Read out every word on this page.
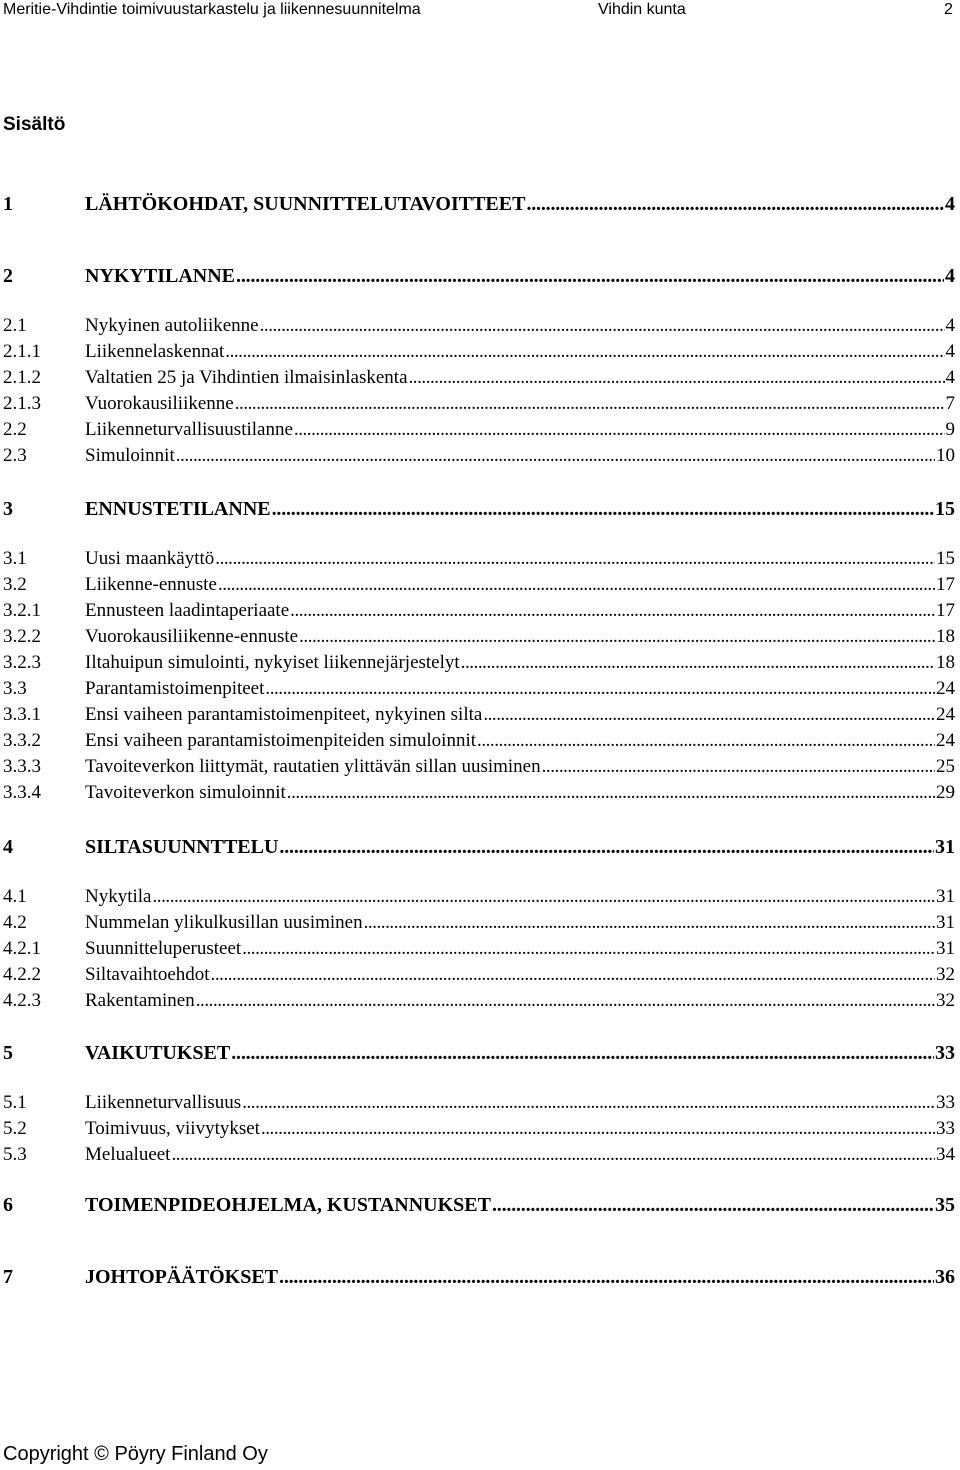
Meritie-Vihdintie toimivuustarkastelu ja liikennesuunnitelma	Vihdin kunta	2
Sisältö
1	LÄHTÖKOHDAT, SUUNNITTELUTAVOITTEET . . .	4
2	NYKYTILANNE . . .	4
2.1	Nykyinen autoliikenne . . .	4
2.1.1	Liikennelaskennat . . .	4
2.1.2	Valtatien 25 ja Vihdintien ilmaisinlaskenta . . .	4
2.1.3	Vuorokausiliikenne . . .	7
2.2	Liikenneturvallisuustilanne . . .	9
2.3	Simuloinnit . . .	10
3	ENNUSTETILANNE . . .	15
3.1	Uusi maankäyttö . . .	15
3.2	Liikenne-ennuste . . .	17
3.2.1	Ennusteen laadintaperiaate . . .	17
3.2.2	Vuorokausiliikenne-ennuste . . .	18
3.2.3	Iltahuipun simulointi, nykyiset liikennejärjestelyt . . .	18
3.3	Parantamistoimenpiteet . . .	24
3.3.1	Ensi vaiheen parantamistoimenpiteet, nykyinen silta . . .	24
3.3.2	Ensi vaiheen parantamistoimenpiteiden simuloinnit . . .	24
3.3.3	Tavoiteverkon liittymät, rautatien ylittävän sillan uusiminen . . .	25
3.3.4	Tavoiteverkon simuloinnit . . .	29
4	SILTASUUNNTTELU . . .	31
4.1	Nykytila . . .	31
4.2	Nummelan ylikulkusillan uusiminen . . .	31
4.2.1	Suunnitteluperusteet . . .	31
4.2.2	Siltavaihtoehdot . . .	32
4.2.3	Rakentaminen . . .	32
5	VAIKUTUKSET . . .	33
5.1	Liikenneturvallisuus . . .	33
5.2	Toimivuus, viivytykset . . .	33
5.3	Melualueet . . .	34
6	TOIMENPIDEOHJELMA, KUSTANNUKSET . . .	35
7	JOHTOPÄÄTÖKSET . . .	36
Copyright © Pöyry Finland Oy
